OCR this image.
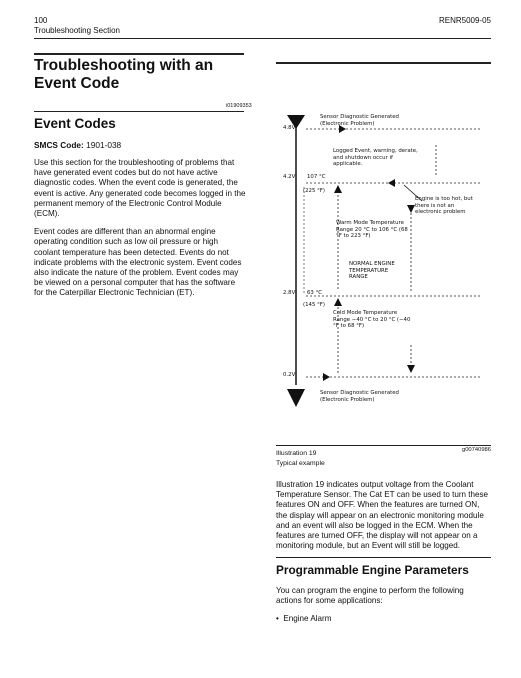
100
Troubleshooting Section
RENR5009-05
Troubleshooting with an Event Code
i01909353
Event Codes
SMCS Code: 1901-038

Use this section for the troubleshooting of problems that have generated event codes but do not have active diagnostic codes. When the event code is generated, the event is active. Any generated code becomes logged in the permanent memory of the Electronic Control Module (ECM).

Event codes are different than an abnormal engine operating condition such as low oil pressure or high coolant temperature has been detected. Events do not indicate problems with the electronic system. Event codes also indicate the nature of the problem. Event codes may be viewed on a personal computer that has the software for the Caterpillar Electronic Technician (ET).

4.8V
4.2V
2.8V
0.2V
107 °C
(225 °F)
63 °C
(145 °F)
Sensor Diagnostic Generated (Electronic Problem)
Logged Event, warning, derate, and shutdown occur if applicable.
Engine is too hot, but there is not an electronic problem
Warm Mode Temperature Range 20 °C to 106 °C (68 °F to 223 °F)
NORMAL ENGINE TEMPERATURE RANGE
Cold Mode Temperature Range −40 °C to 20 °C (−40 °F to 68 °F)
Sensor Diagnostic Generated (Electronic Problem)
Illustration 19	g00740986
Typical example
Illustration 19 indicates output voltage from the Coolant Temperature Sensor. The Cat ET can be used to turn these features ON and OFF. When the features are turned ON, the display will appear on an electronic monitoring module and an event will also be logged in the ECM. When the features are turned OFF, the display will not appear on a monitoring module, but an Event will still be logged.
Programmable Engine Parameters
You can program the engine to perform the following actions for some applications:
•  Engine Alarm
